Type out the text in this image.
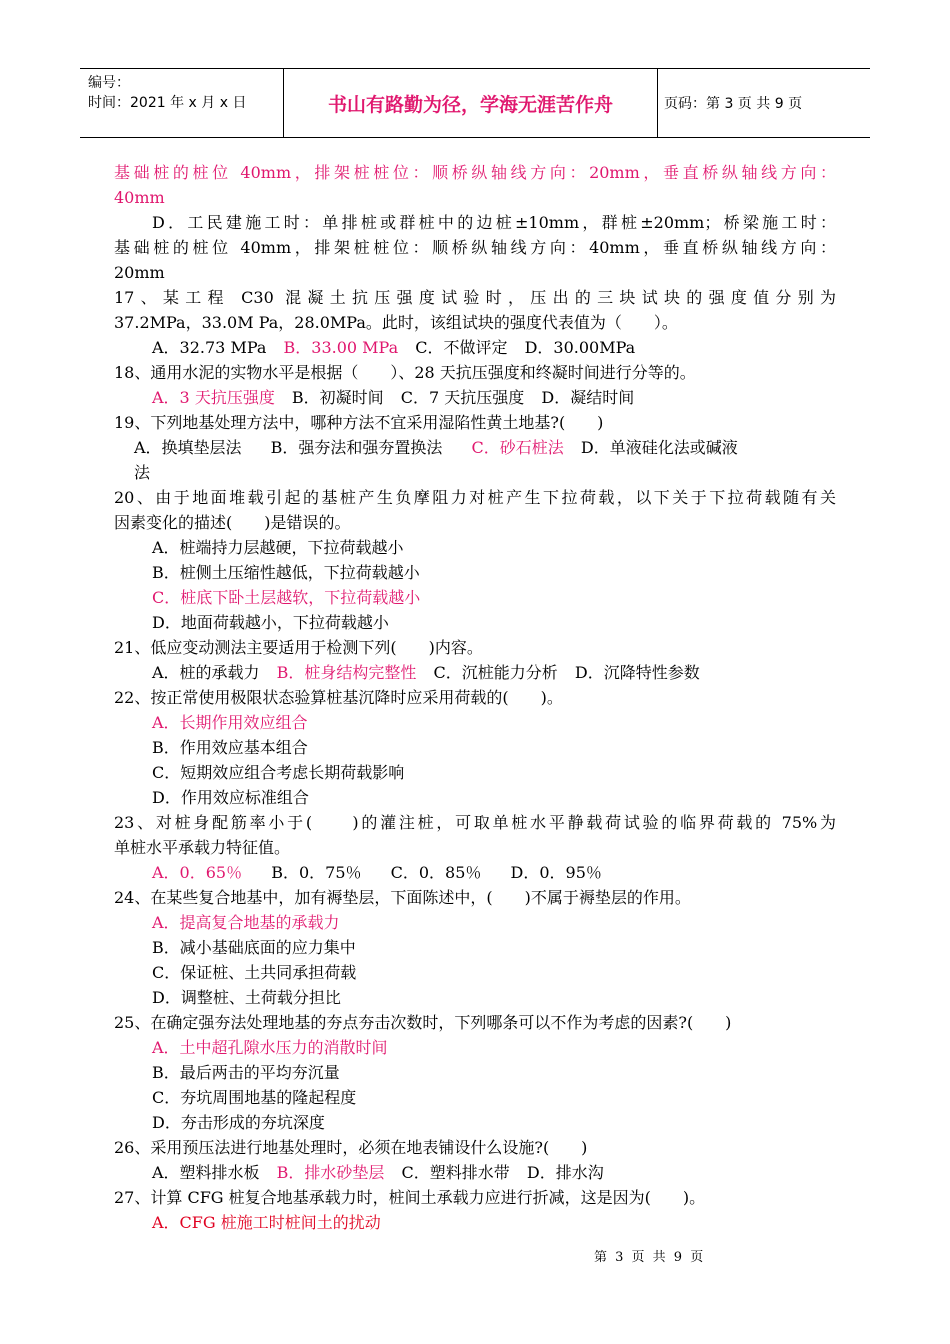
编号：
时间：2021 年 x 月 x 日	书山有路勤为径，学海无涯苦作舟	页码：第 3 页 共 9 页
基础桩的桩位 40mm，排架桩桩位：顺桥纵轴线方向：20mm，垂直桥纵轴线方向：
40mm
D．工民建施工时：单排桩或群桩中的边桩±10mm，群桩±20mm；桥梁施工时：
基础桩的桩位 40mm，排架桩桩位：顺桥纵轴线方向：40mm，垂直桥纵轴线方向：
20mm
17、某工程 C30 混凝土抗压强度试验时，压出的三块试块的强度值分别为
37.2MPa，33.0M Pa，28.0MPa。此时，该组试块的强度代表值为（　　）。
A．32.73 MPa B．33.00 MPa C．不做评定 D．30.00MPa
18、通用水泥的实物水平是根据（　　）、28 天抗压强度和终凝时间进行分等的。
A．3 天抗压强度 B．初凝时间 C．7 天抗压强度 D．凝结时间
19、下列地基处理方法中，哪种方法不宜采用湿陷性黄土地基?(　　)
A．换填垫层法 B．强夯法和强夯置换法 C．砂石桩法 D．单液硅化法或碱液
法
20、由于地面堆载引起的基桩产生负摩阻力对桩产生下拉荷载，以下关于下拉荷载随有关
因素变化的描述(　　)是错误的。
A．桩端持力层越硬，下拉荷载越小
B．桩侧土压缩性越低，下拉荷载越小
C．桩底下卧土层越软，下拉荷载越小
D．地面荷载越小，下拉荷载越小
21、低应变动测法主要适用于检测下列(　　)内容。
A．桩的承载力 B．桩身结构完整性 C．沉桩能力分析 D．沉降特性参数
22、按正常使用极限状态验算桩基沉降时应采用荷载的(　　)。
A．长期作用效应组合
B．作用效应基本组合
C．短期效应组合考虑长期荷载影响
D．作用效应标准组合
23、对桩身配筋率小于(　　)的灌注桩，可取单桩水平静载荷试验的临界荷载的 75%为
单桩水平承载力特征值。
A．0．65％ B．0．75％ C．0．85％ D．0．95％
24、在某些复合地基中，加有褥垫层，下面陈述中，(　　)不属于褥垫层的作用。
A．提高复合地基的承载力
B．减小基础底面的应力集中
C．保证桩、土共同承担荷载
D．调整桩、土荷载分担比
25、在确定强夯法处理地基的夯点夯击次数时，下列哪条可以不作为考虑的因素?(　　)
A．土中超孔隙水压力的消散时间
B．最后两击的平均夯沉量
C．夯坑周围地基的隆起程度
D．夯击形成的夯坑深度
26、采用预压法进行地基处理时，必须在地表铺设什么设施?(　　)
A．塑料排水板 B．排水砂垫层 C．塑料排水带 D．排水沟
27、计算 CFG 桩复合地基承载力时，桩间土承载力应进行折减，这是因为(　　)。
A．CFG 桩施工时桩间土的扰动
第 3 页 共 9 页
